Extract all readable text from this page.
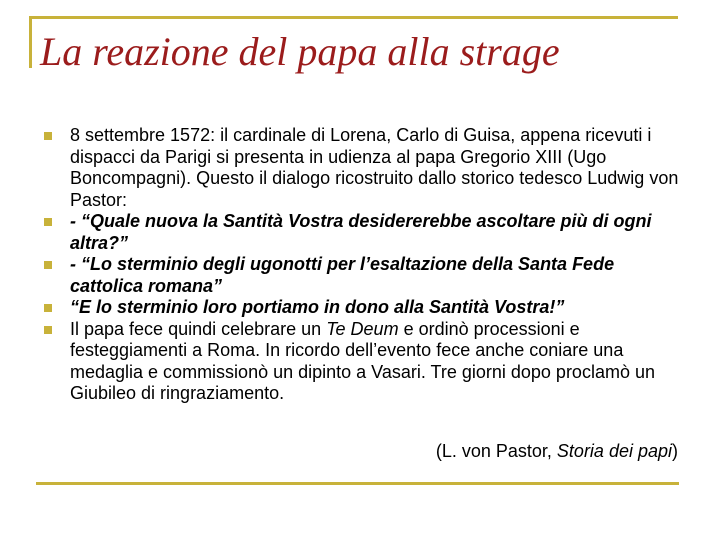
La reazione del papa alla strage
8 settembre 1572: il cardinale di Lorena, Carlo di Guisa, appena ricevuti i dispacci da Parigi si presenta in udienza al papa Gregorio XIII (Ugo Boncompagni). Questo il dialogo ricostruito dallo storico tedesco Ludwig von Pastor:
- “Quale nuova la Santità Vostra desidererebbe ascoltare più di ogni altra?”
- “Lo sterminio degli ugonotti per l’esaltazione della Santa Fede cattolica romana”
“E lo sterminio loro portiamo in dono alla Santità Vostra!”
Il papa fece quindi celebrare un Te Deum e ordinò processioni e festeggiamenti a Roma. In ricordo dell’evento fece anche coniare una medaglia e commissionò un dipinto a Vasari. Tre giorni dopo proclamò un Giubileo di ringraziamento.
(L. von Pastor, Storia dei papi)
